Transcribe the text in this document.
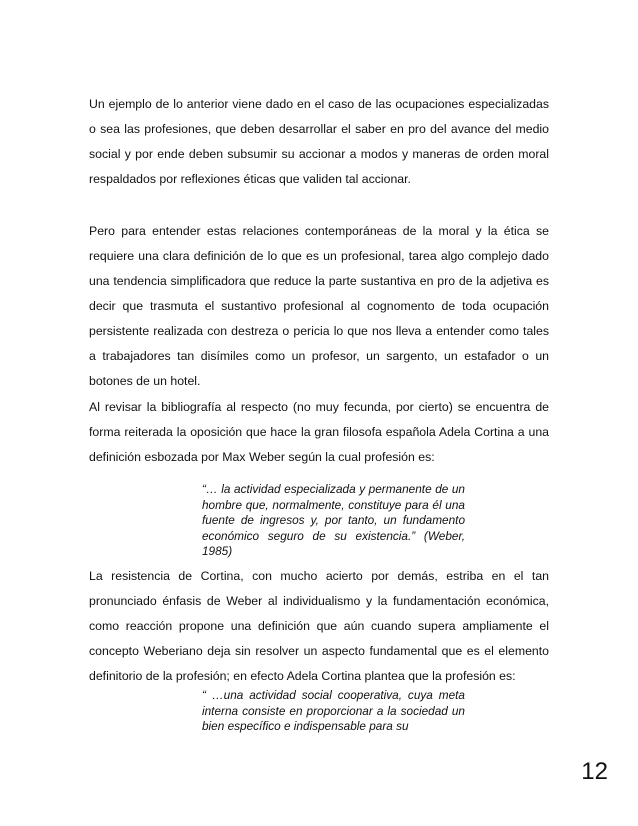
Un ejemplo de lo anterior viene dado en el caso de las ocupaciones especializadas o sea las profesiones, que deben desarrollar el saber en pro del avance del medio social y por ende deben subsumir su accionar a modos y maneras de orden moral respaldados por reflexiones éticas que validen tal accionar.

Pero para entender estas relaciones contemporáneas de la moral y la ética se requiere una clara definición de lo que es un profesional, tarea algo complejo dado una tendencia simplificadora que reduce la parte sustantiva en pro de la adjetiva es decir que trasmuta el sustantivo profesional al cognomento de toda ocupación persistente realizada con destreza o pericia lo que nos lleva a entender como tales a trabajadores tan disímiles como un profesor, un sargento, un estafador o un botones de un hotel.

Al revisar la bibliografía al respecto (no muy fecunda, por cierto) se encuentra de forma reiterada la oposición que hace la gran filosofa española Adela Cortina a una definición esbozada por Max Weber según la cual profesión es:

“… la actividad especializada y permanente de un hombre que, normalmente, constituye para él una fuente de ingresos y, por tanto, un fundamento económico seguro de su existencia.” (Weber, 1985)

La resistencia de Cortina, con mucho acierto por demás, estriba en el tan pronunciado énfasis de Weber al individualismo y la fundamentación económica, como reacción propone una definición que aún cuando supera ampliamente el concepto Weberiano deja sin resolver un aspecto fundamental que es el elemento definitorio de la profesión; en efecto Adela Cortina plantea que la profesión es:

“ …una actividad social cooperativa, cuya meta interna consiste en proporcionar a la sociedad un bien específico e indispensable para su

12
